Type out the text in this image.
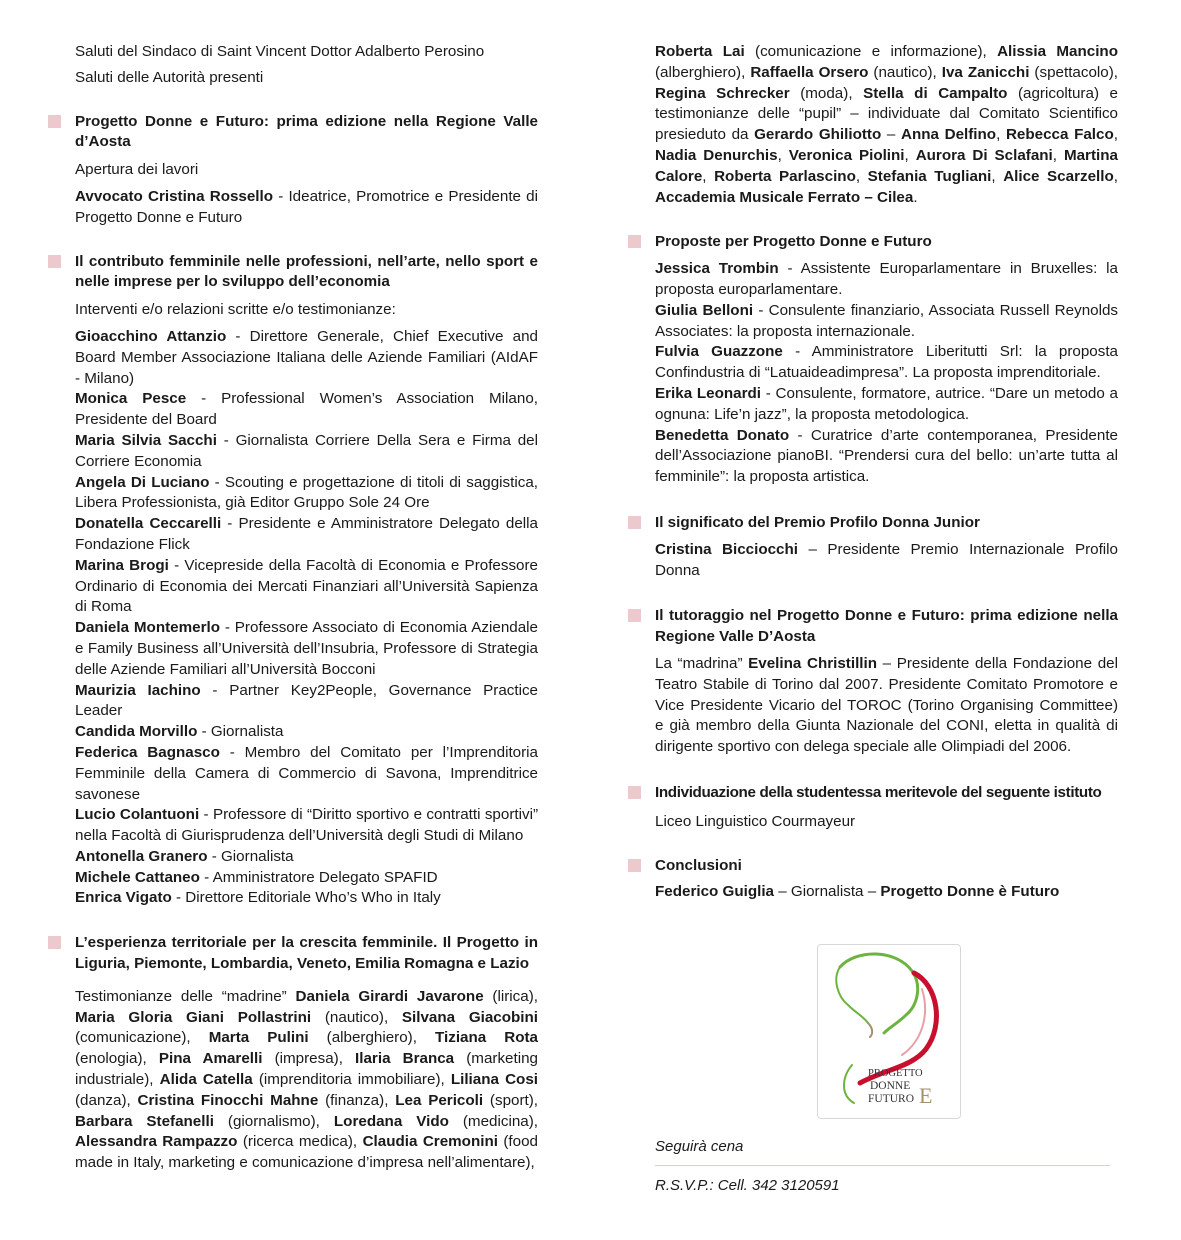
Saluti del Sindaco di Saint Vincent Dottor Adalberto Perosino
Saluti delle Autorità presenti
Progetto Donne e Futuro: prima edizione nella Regione Valle d’Aosta
Apertura dei lavori
Avvocato Cristina Rossello - Ideatrice, Promotrice e Presidente di Progetto Donne e Futuro
Il contributo femminile nelle professioni, nell’arte, nello sport e nelle imprese per lo sviluppo dell’economia
Interventi e/o relazioni scritte e/o testimonianze:
Gioacchino Attanzio - Direttore Generale, Chief Executive and Board Member Associazione Italiana delle Aziende Familiari (AIdAF - Milano)
Monica Pesce - Professional Women’s Association Milano, Presidente del Board
Maria Silvia Sacchi - Giornalista Corriere Della Sera e Firma del Corriere Economia
Angela Di Luciano - Scouting e progettazione di titoli di saggistica, Libera Professionista, già Editor Gruppo Sole 24 Ore
Donatella Ceccarelli - Presidente e Amministratore Delegato della Fondazione Flick
Marina Brogi - Vicepreside della Facoltà di Economia e Professore Ordinario di Economia dei Mercati Finanziari all’Università Sapienza di Roma
Daniela Montemerlo - Professore Associato di Economia Aziendale e Family Business all’Università dell’Insubria, Professore di Strategia delle Aziende Familiari all’Università Bocconi
Maurizia Iachino - Partner Key2People, Governance Practice Leader
Candida Morvillo - Giornalista
Federica Bagnasco - Membro del Comitato per l’Imprenditoria Femminile della Camera di Commercio di Savona, Imprenditrice savonese
Lucio Colantuoni - Professore di “Diritto sportivo e contratti sportivi” nella Facoltà di Giurisprudenza dell’Università degli Studi di Milano
Antonella Granero - Giornalista
Michele Cattaneo - Amministratore Delegato SPAFID
Enrica Vigato - Direttore Editoriale Who’s Who in Italy
L’esperienza territoriale per la crescita femminile. Il Progetto in Liguria, Piemonte, Lombardia, Veneto, Emilia Romagna e Lazio
Testimonianze delle “madrine” Daniela Girardi Javarone (lirica), Maria Gloria Giani Pollastrini (nautico), Silvana Giacobini (comunicazione), Marta Pulini (alberghiero), Tiziana Rota (enologia), Pina Amarelli (impresa), Ilaria Branca (marketing industriale), Alida Catella (imprenditoria immobiliare), Liliana Cosi (danza), Cristina Finocchi Mahne (finanza), Lea Pericoli (sport), Barbara Stefanelli (giornalismo), Loredana Vido (medicina), Alessandra Rampazzo (ricerca medica), Claudia Cremonini (food made in Italy, marketing e comunicazione d’impresa nell’alimentare),
Roberta Lai (comunicazione e informazione), Alissia Mancino (alberghiero), Raffaella Orsero (nautico), Iva Zanicchi (spettacolo), Regina Schrecker (moda), Stella di Campalto (agricoltura) e testimonianze delle “pupil” – individuate dal Comitato Scientifico presieduto da Gerardo Ghiliotto – Anna Delfino, Rebecca Falco, Nadia Denurchis, Veronica Piolini, Aurora Di Sclafani, Martina Calore, Roberta Parlascino, Stefania Tugliani, Alice Scarzello, Accademia Musicale Ferrato – Cilea.
Proposte per Progetto Donne e Futuro
Jessica Trombin - Assistente Europarlamentare in Bruxelles: la proposta europarlamentare.
Giulia Belloni - Consulente finanziario, Associata Russell Reynolds Associates: la proposta internazionale.
Fulvia Guazzone - Amministratore Liberitutti Srl: la proposta Confindustria di “Latuaideadimpresa”. La proposta imprenditoriale.
Erika Leonardi - Consulente, formatore, autrice. “Dare un metodo a ognuna: Life’n jazz”, la proposta metodologica.
Benedetta Donato - Curatrice d’arte contemporanea, Presidente dell’Associazione pianoBI. “Prendersi cura del bello: un’arte tutta al femminile”: la proposta artistica.
Il significato del Premio Profilo Donna Junior
Cristina Bicciocchi – Presidente Premio Internazionale Profilo Donna
Il tutoraggio nel Progetto Donne e Futuro: prima edizione nella Regione Valle D’Aosta
La “madrina” Evelina Christillin – Presidente della Fondazione del Teatro Stabile di Torino dal 2007. Presidente Comitato Promotore e Vice Presidente Vicario del TOROC (Torino Organising Committee) e già membro della Giunta Nazionale del CONI, eletta in qualità di dirigente sportivo con delega speciale alle Olimpiadi del 2006.
Individuazione della studentessa meritevole del seguente istituto
Liceo Linguistico Courmayeur
Conclusioni
Federico Guiglia – Giornalista – Progetto Donne è Futuro
PROGETTO
DONNE
FUTURO E
Seguirà cena
R.S.V.P.: Cell. 342 3120591
